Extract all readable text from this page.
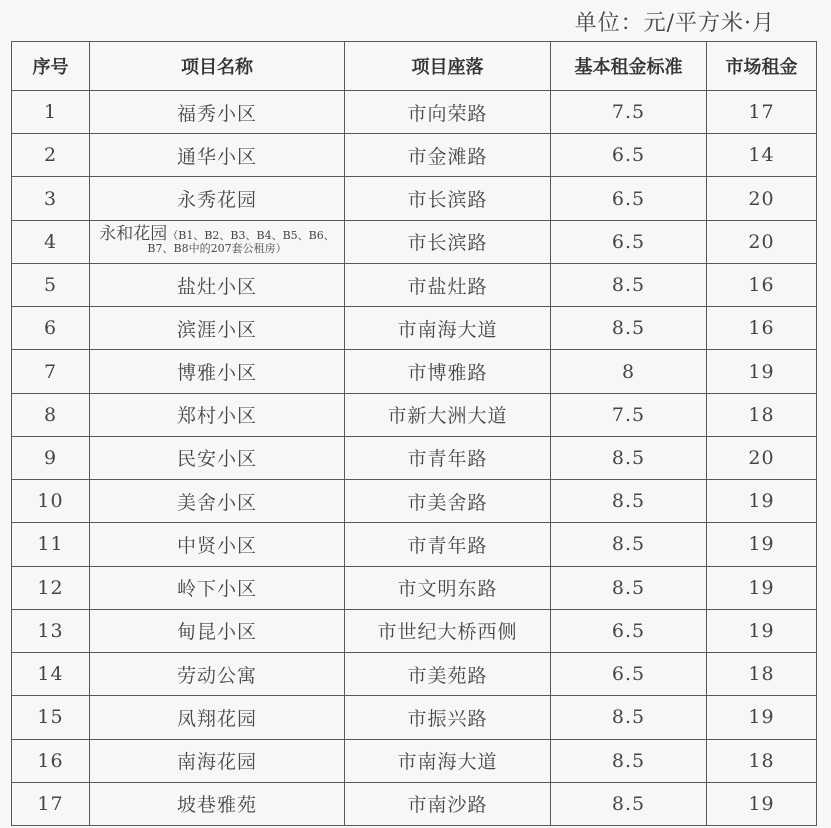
单位：元/平方米·月
序号	项目名称	项目座落	基本租金标准	市场租金
1	福秀小区	市向荣路	7.5	17
2	通华小区	市金滩路	6.5	14
3	永秀花园	市长滨路	6.5	20
4	永和花园（B1、B2、B3、B4、B5、B6、B7、B8中的207套公租房）	市长滨路	6.5	20
5	盐灶小区	市盐灶路	8.5	16
6	滨涯小区	市南海大道	8.5	16
7	博雅小区	市博雅路	8	19
8	郑村小区	市新大洲大道	7.5	18
9	民安小区	市青年路	8.5	20
10	美舍小区	市美舍路	8.5	19
11	中贤小区	市青年路	8.5	19
12	岭下小区	市文明东路	8.5	19
13	甸昆小区	市世纪大桥西侧	6.5	19
14	劳动公寓	市美苑路	6.5	18
15	凤翔花园	市振兴路	8.5	19
16	南海花园	市南海大道	8.5	18
17	坡巷雅苑	市南沙路	8.5	19
